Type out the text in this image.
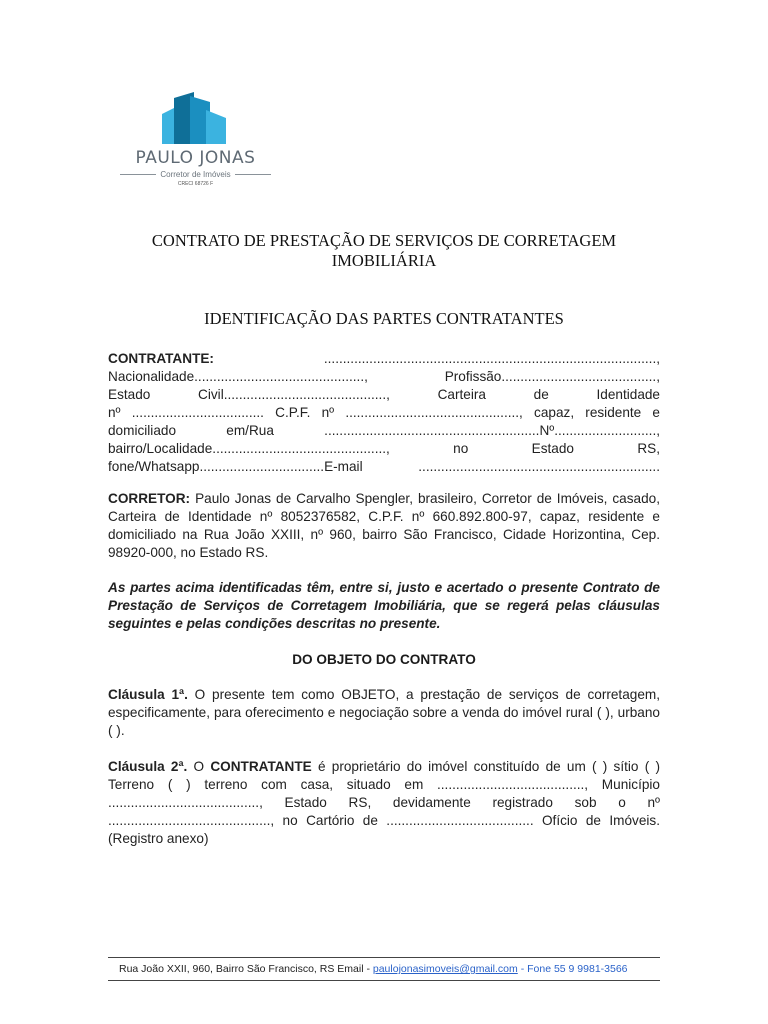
PAULO JONAS
Corretor de Imóveis
CRECI 68726 F
CONTRATO DE PRESTAÇÃO DE SERVIÇOS DE CORRETAGEM
IMOBILIÁRIA
IDENTIFICAÇÃO DAS PARTES CONTRATANTES
CONTRATANTE:	........................................................................................,
Nacionalidade............................................., Profissão.........................................,
Estado Civil..........................................., Carteira de Identidade
nº ................................... C.P.F. nº .............................................., capaz, residente e
domiciliado em/Rua .........................................................Nº...........................,
bairro/Localidade.............................................., no Estado RS,
fone/Whatsapp.................................E-mail ................................................................

CORRETOR: Paulo Jonas de Carvalho Spengler, brasileiro, Corretor de Imóveis, casado, Carteira de Identidade nº 8052376582, C.P.F. nº 660.892.800-97, capaz, residente e domiciliado na Rua João XXIII, nº 960, bairro São Francisco, Cidade Horizontina, Cep. 98920-000, no Estado RS.

As partes acima identificadas têm, entre si, justo e acertado o presente Contrato de Prestação de Serviços de Corretagem Imobiliária, que se regerá pelas cláusulas seguintes e pelas condições descritas no presente.

DO OBJETO DO CONTRATO

Cláusula 1ª. O presente tem como OBJETO, a prestação de serviços de corretagem, especificamente, para oferecimento e negociação sobre a venda do imóvel rural ( ), urbano ( ).

Cláusula 2ª. O CONTRATANTE é proprietário do imóvel constituído de um ( ) sítio ( ) Terreno ( ) terreno com casa, situado em ......................................., Município ........................................, Estado RS, devidamente registrado sob o nº ..........................................., no Cartório de ....................................... Ofício de Imóveis. (Registro anexo)

Rua João XXII, 960, Bairro São Francisco, RS Email - paulojonasimoveis@gmail.com - Fone 55 9 9981-3566
